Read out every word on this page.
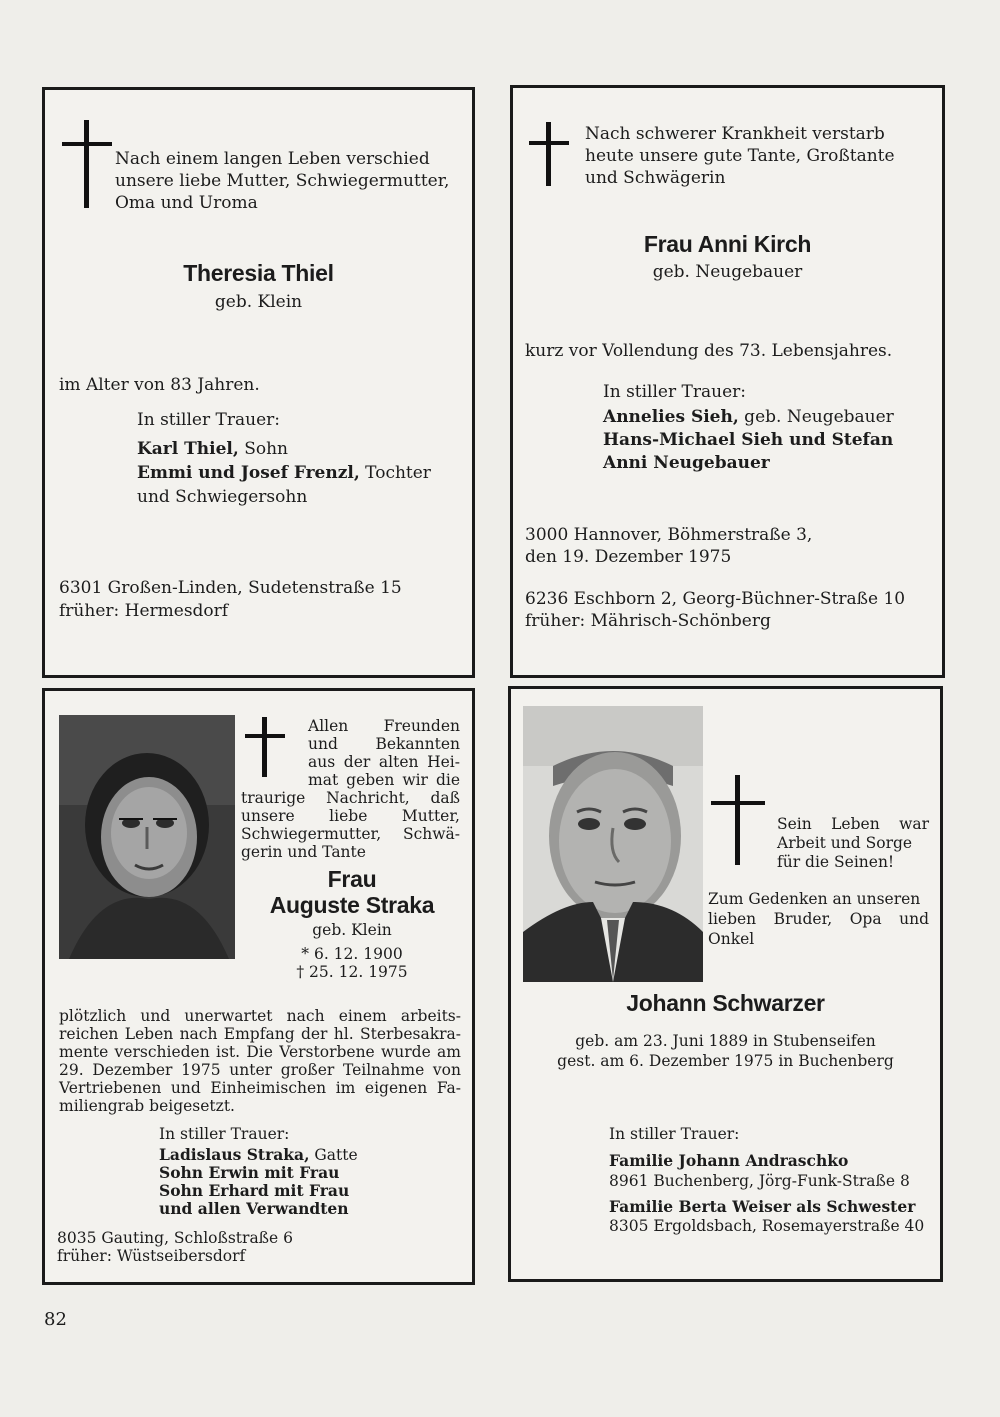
Nach einem langen Leben verschied
unsere liebe Mutter, Schwiegermutter,
Oma und Uroma
Theresia Thiel
geb. Klein
im Alter von 83 Jahren.
In stiller Trauer:
Karl Thiel, Sohn
Emmi und Josef Frenzl, Tochter
und Schwiegersohn
6301 Großen-Linden, Sudetenstraße 15
früher: Hermesdorf
Nach schwerer Krankheit verstarb
heute unsere gute Tante, Großtante
und Schwägerin
Frau Anni Kirch
geb. Neugebauer
kurz vor Vollendung des 73. Lebensjahres.
In stiller Trauer:
Annelies Sieh, geb. Neugebauer
Hans-Michael Sieh und Stefan
Anni Neugebauer
3000 Hannover, Böhmerstraße 3,
den 19. Dezember 1975
6236 Eschborn 2, Georg-Büchner-Straße 10
früher: Mährisch-Schönberg
Allen Freunden
und Bekannten
aus der alten Hei-
mat geben wir die
traurige Nachricht, daß
unsere liebe Mutter,
Schwiegermutter, Schwä-
gerin und Tante
Frau
Auguste Straka
geb. Klein
* 6. 12. 1900
† 25. 12. 1975
plötzlich und unerwartet nach einem arbeits-
reichen Leben nach Empfang der hl. Sterbesakra-
mente verschieden ist. Die Verstorbene wurde am
29. Dezember 1975 unter großer Teilnahme von
Vertriebenen und Einheimischen im eigenen Fa-
miliengrab beigesetzt.
In stiller Trauer:
Ladislaus Straka, Gatte
Sohn Erwin mit Frau
Sohn Erhard mit Frau
und allen Verwandten
8035 Gauting, Schloßstraße 6
früher: Wüstseibersdorf
Sein Leben war
Arbeit und Sorge
für die Seinen!
Zum Gedenken an unseren
lieben Bruder, Opa und
Onkel
Johann Schwarzer
geb. am 23. Juni 1889 in Stubenseifen
gest. am 6. Dezember 1975 in Buchenberg
In stiller Trauer:
Familie Johann Andraschko
8961 Buchenberg, Jörg-Funk-Straße 8
Familie Berta Weiser als Schwester
8305 Ergoldsbach, Rosemayerstraße 40
82
